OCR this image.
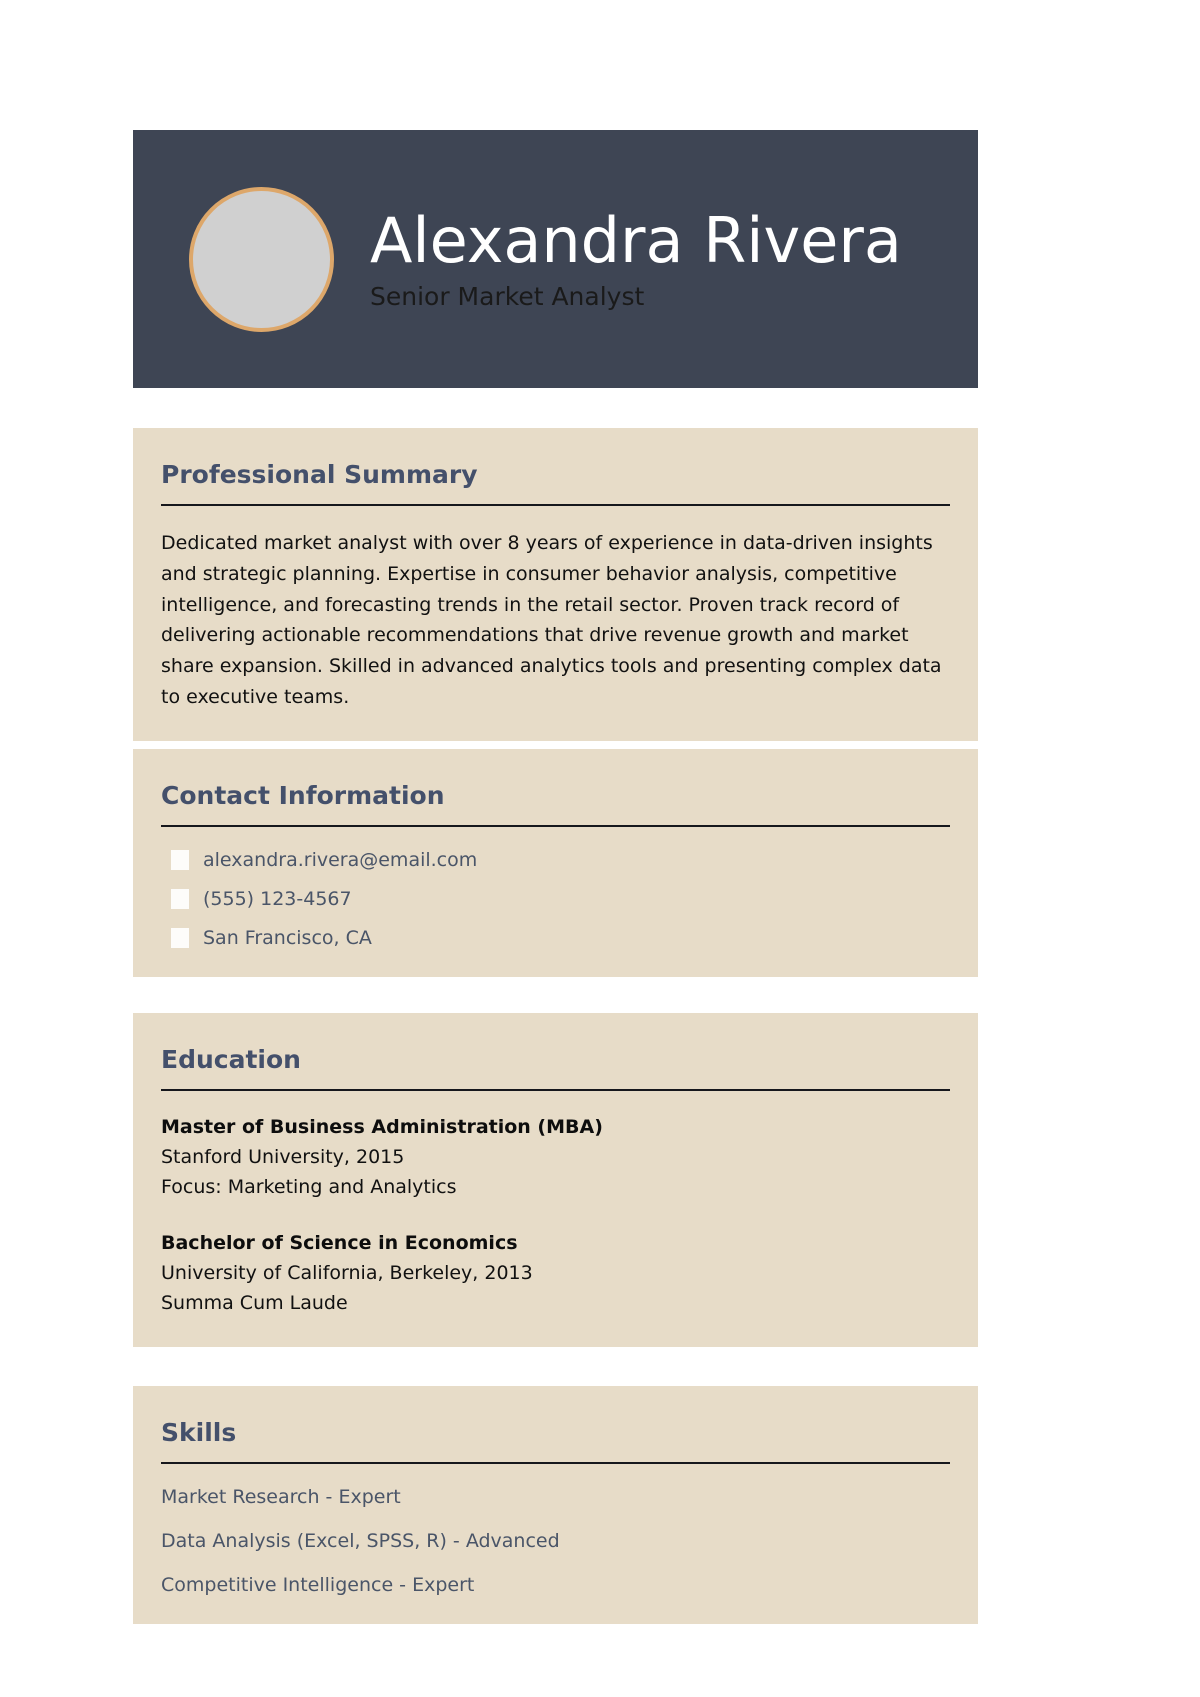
Alexandra Rivera
Senior Market Analyst
Professional Summary

Dedicated market analyst with over 8 years of experience in data-driven insights and strategic planning. Expertise in consumer behavior analysis, competitive intelligence, and forecasting trends in the retail sector. Proven track record of delivering actionable recommendations that drive revenue growth and market share expansion. Skilled in advanced analytics tools and presenting complex data to executive teams.

Contact Information
alexandra.rivera@email.com
(555) 123-4567
San Francisco, CA
Education
Master of Business Administration (MBA)
Stanford University, 2015
Focus: Marketing and Analytics
Bachelor of Science in Economics
University of California, Berkeley, 2013
Summa Cum Laude
Skills
Market Research - Expert
Data Analysis (Excel, SPSS, R) - Advanced
Competitive Intelligence - Expert
